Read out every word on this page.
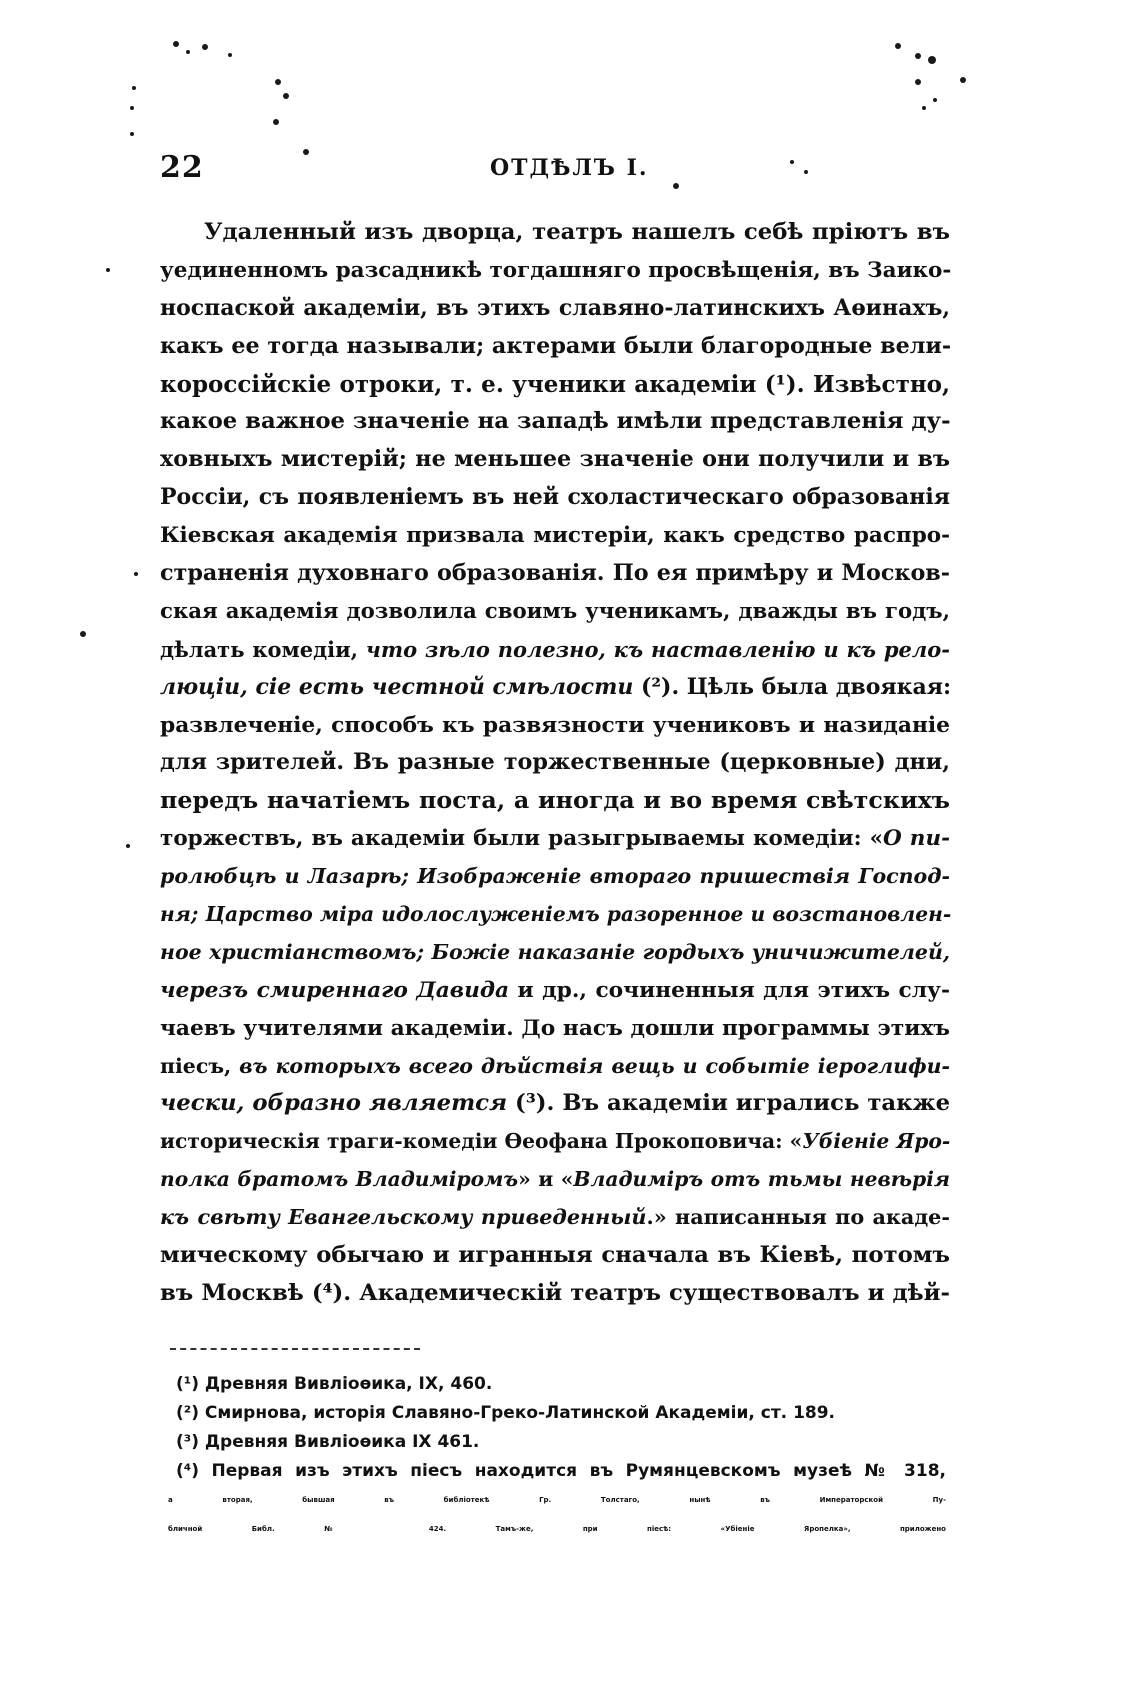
22	ОТДѢЛЪ I.
Удаленный изъ дворца, театръ нашелъ себѣ пріютъ въ
уединенномъ разсадникѣ тогдашняго просвѣщенія, въ Заико-
носпаской академіи, въ этихъ славяно-латинскихъ Аѳинахъ,
какъ ее тогда называли; актерами были благородные вели-
короссійскіе отроки, т. е. ученики академіи (¹). Извѣстно,
какое важное значеніе на западѣ имѣли представленія ду-
ховныхъ мистерій; не меньшее значеніе они получили и въ
Россіи, съ появленіемъ въ ней схоластическаго образованія
Кіевская академія призвала мистеріи, какъ средство распро-
страненія духовнаго образованія. По ея примѣру и Москов-
ская академія дозволила своимъ ученикамъ, дважды въ годъ,
дѣлать комедіи, что зѣло полезно, къ наставленію и къ рело-
люціи, сіе есть честной смѣлости (²). Цѣль была двоякая:
развлеченіе, способъ къ развязности учениковъ и назиданіе
для зрителей. Въ разные торжественные (церковные) дни,
передъ начатіемъ поста, а иногда и во время свѣтскихъ
торжествъ, въ академіи были разыгрываемы комедіи: «О пи-
ролюбцѣ и Лазарѣ; Изображеніе втораго пришествія Господ-
ня; Царство міра идолослуженіемъ разоренное и возстановлен-
ное христіанствомъ; Божіе наказаніе гордыхъ уничижителей,
черезъ смиреннаго Давида и др., сочиненныя для этихъ слу-
чаевъ учителями академіи. До насъ дошли программы этихъ
піесъ, въ которыхъ всего дѣйствія вещь и событіе іероглифи-
чески, образно является (³). Въ академіи игрались также
историческія траги-комедіи Ѳеофана Прокоповича: «Убіеніе Яро-
полка братомъ Владиміромъ» и «Владиміръ отъ тьмы невѣрія
къ свѣту Евангельскому приведенный.» написанныя по акаде-
мическому обычаю и игранныя сначала въ Кіевѣ, потомъ
въ Москвѣ (⁴). Академическій театръ существовалъ и дѣй-
(¹) Древняя Вивліоѳика, IX, 460.
(²) Смирнова, исторія Славяно-Греко-Латинской Академіи, ст. 189.
(³) Древняя Вивліоѳика IX 461.
(⁴) Первая изъ этихъ піесъ находится въ Румянцевскомъ музеѣ № 318,
а вторая, бывшая въ библіотекѣ Гр. Толстаго, нынѣ въ Императорской Пу-
бличной Библ. № 424. Тамъ-же, при піесѣ: «Убіеніе Яропелка», приложено
